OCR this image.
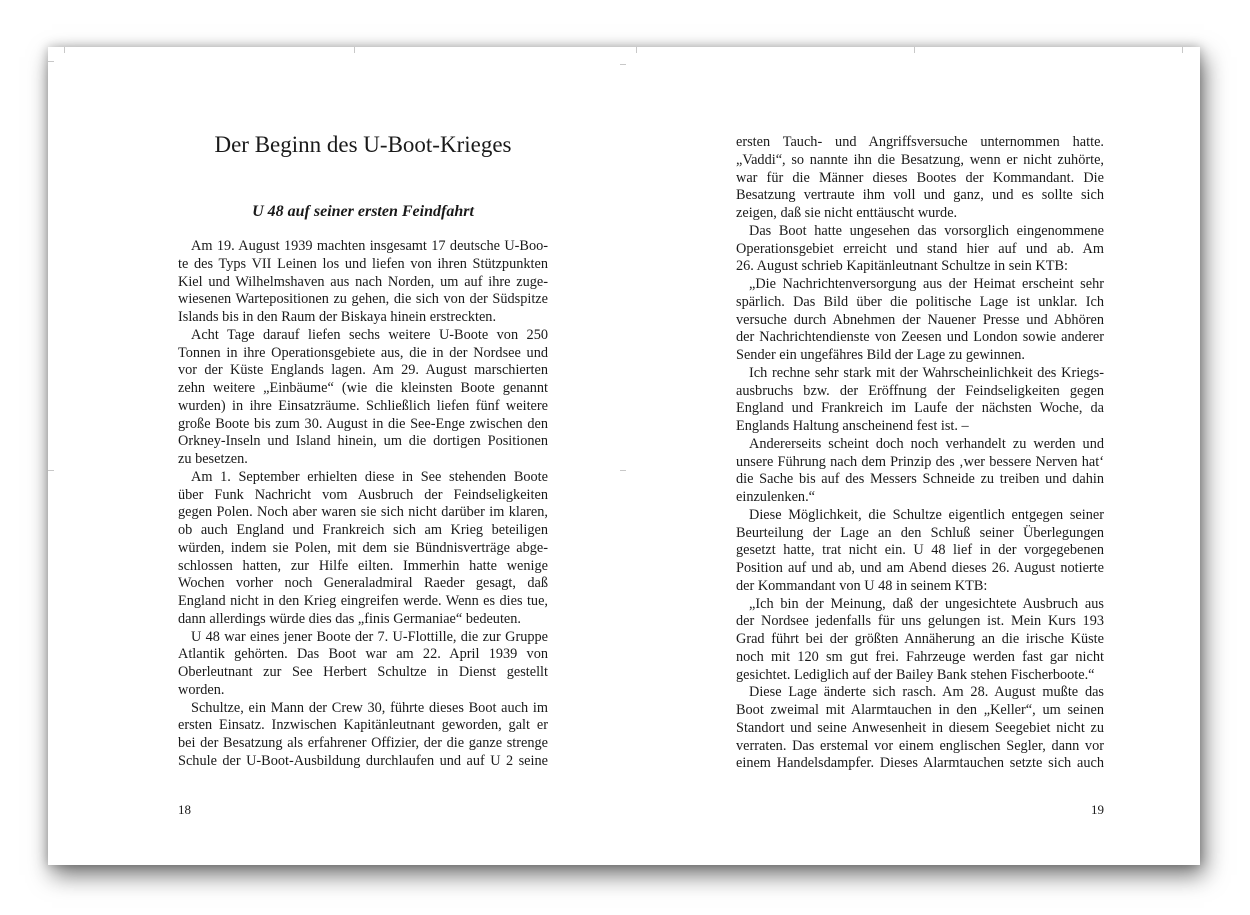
Der Beginn des U-Boot-Krieges
U 48 auf seiner ersten Feindfahrt
Am 19. August 1939 machten insgesamt 17 deutsche U-Boo-
te des Typs VII Leinen los und liefen von ihren Stützpunkten
Kiel und Wilhelmshaven aus nach Norden, um auf ihre zuge-
wiesenen Wartepositionen zu gehen, die sich von der Südspitze
Islands bis in den Raum der Biskaya hinein erstreckten.
Acht Tage darauf liefen sechs weitere U-Boote von 250
Tonnen in ihre Operationsgebiete aus, die in der Nordsee und
vor der Küste Englands lagen. Am 29. August marschierten
zehn weitere „Einbäume“ (wie die kleinsten Boote genannt
wurden) in ihre Einsatzräume. Schließlich liefen fünf weitere
große Boote bis zum 30. August in die See-Enge zwischen den
Orkney-Inseln und Island hinein, um die dortigen Positionen
zu besetzen.
Am 1. September erhielten diese in See stehenden Boote
über Funk Nachricht vom Ausbruch der Feindseligkeiten
gegen Polen. Noch aber waren sie sich nicht darüber im klaren,
ob auch England und Frankreich sich am Krieg beteiligen
würden, indem sie Polen, mit dem sie Bündnisverträge abge-
schlossen hatten, zur Hilfe eilten. Immerhin hatte wenige
Wochen vorher noch Generaladmiral Raeder gesagt, daß
England nicht in den Krieg eingreifen werde. Wenn es dies tue,
dann allerdings würde dies das „finis Germaniae“ bedeuten.
U 48 war eines jener Boote der 7. U-Flottille, die zur Gruppe
Atlantik gehörten. Das Boot war am 22. April 1939 von
Oberleutnant zur See Herbert Schultze in Dienst gestellt
worden.
Schultze, ein Mann der Crew 30, führte dieses Boot auch im
ersten Einsatz. Inzwischen Kapitänleutnant geworden, galt er
bei der Besatzung als erfahrener Offizier, der die ganze strenge
Schule der U-Boot-Ausbildung durchlaufen und auf U 2 seine
18
ersten Tauch- und Angriffsversuche unternommen hatte.
„Vaddi“, so nannte ihn die Besatzung, wenn er nicht zuhörte,
war für die Männer dieses Bootes der Kommandant. Die
Besatzung vertraute ihm voll und ganz, und es sollte sich
zeigen, daß sie nicht enttäuscht wurde.
Das Boot hatte ungesehen das vorsorglich eingenommene
Operationsgebiet erreicht und stand hier auf und ab. Am
26. August schrieb Kapitänleutnant Schultze in sein KTB:
„Die Nachrichtenversorgung aus der Heimat erscheint sehr
spärlich. Das Bild über die politische Lage ist unklar. Ich
versuche durch Abnehmen der Nauener Presse und Abhören
der Nachrichtendienste von Zeesen und London sowie anderer
Sender ein ungefähres Bild der Lage zu gewinnen.
Ich rechne sehr stark mit der Wahrscheinlichkeit des Kriegs-
ausbruchs bzw. der Eröffnung der Feindseligkeiten gegen
England und Frankreich im Laufe der nächsten Woche, da
Englands Haltung anscheinend fest ist. –
Andererseits scheint doch noch verhandelt zu werden und
unsere Führung nach dem Prinzip des ‚wer bessere Nerven hat‘
die Sache bis auf des Messers Schneide zu treiben und dahin
einzulenken.“
Diese Möglichkeit, die Schultze eigentlich entgegen seiner
Beurteilung der Lage an den Schluß seiner Überlegungen
gesetzt hatte, trat nicht ein. U 48 lief in der vorgegebenen
Position auf und ab, und am Abend dieses 26. August notierte
der Kommandant von U 48 in seinem KTB:
„Ich bin der Meinung, daß der ungesichtete Ausbruch aus
der Nordsee jedenfalls für uns gelungen ist. Mein Kurs 193
Grad führt bei der größten Annäherung an die irische Küste
noch mit 120 sm gut frei. Fahrzeuge werden fast gar nicht
gesichtet. Lediglich auf der Bailey Bank stehen Fischerboote.“
Diese Lage änderte sich rasch. Am 28. August mußte das
Boot zweimal mit Alarmtauchen in den „Keller“, um seinen
Standort und seine Anwesenheit in diesem Seegebiet nicht zu
verraten. Das erstemal vor einem englischen Segler, dann vor
einem Handelsdampfer. Dieses Alarmtauchen setzte sich auch
19
